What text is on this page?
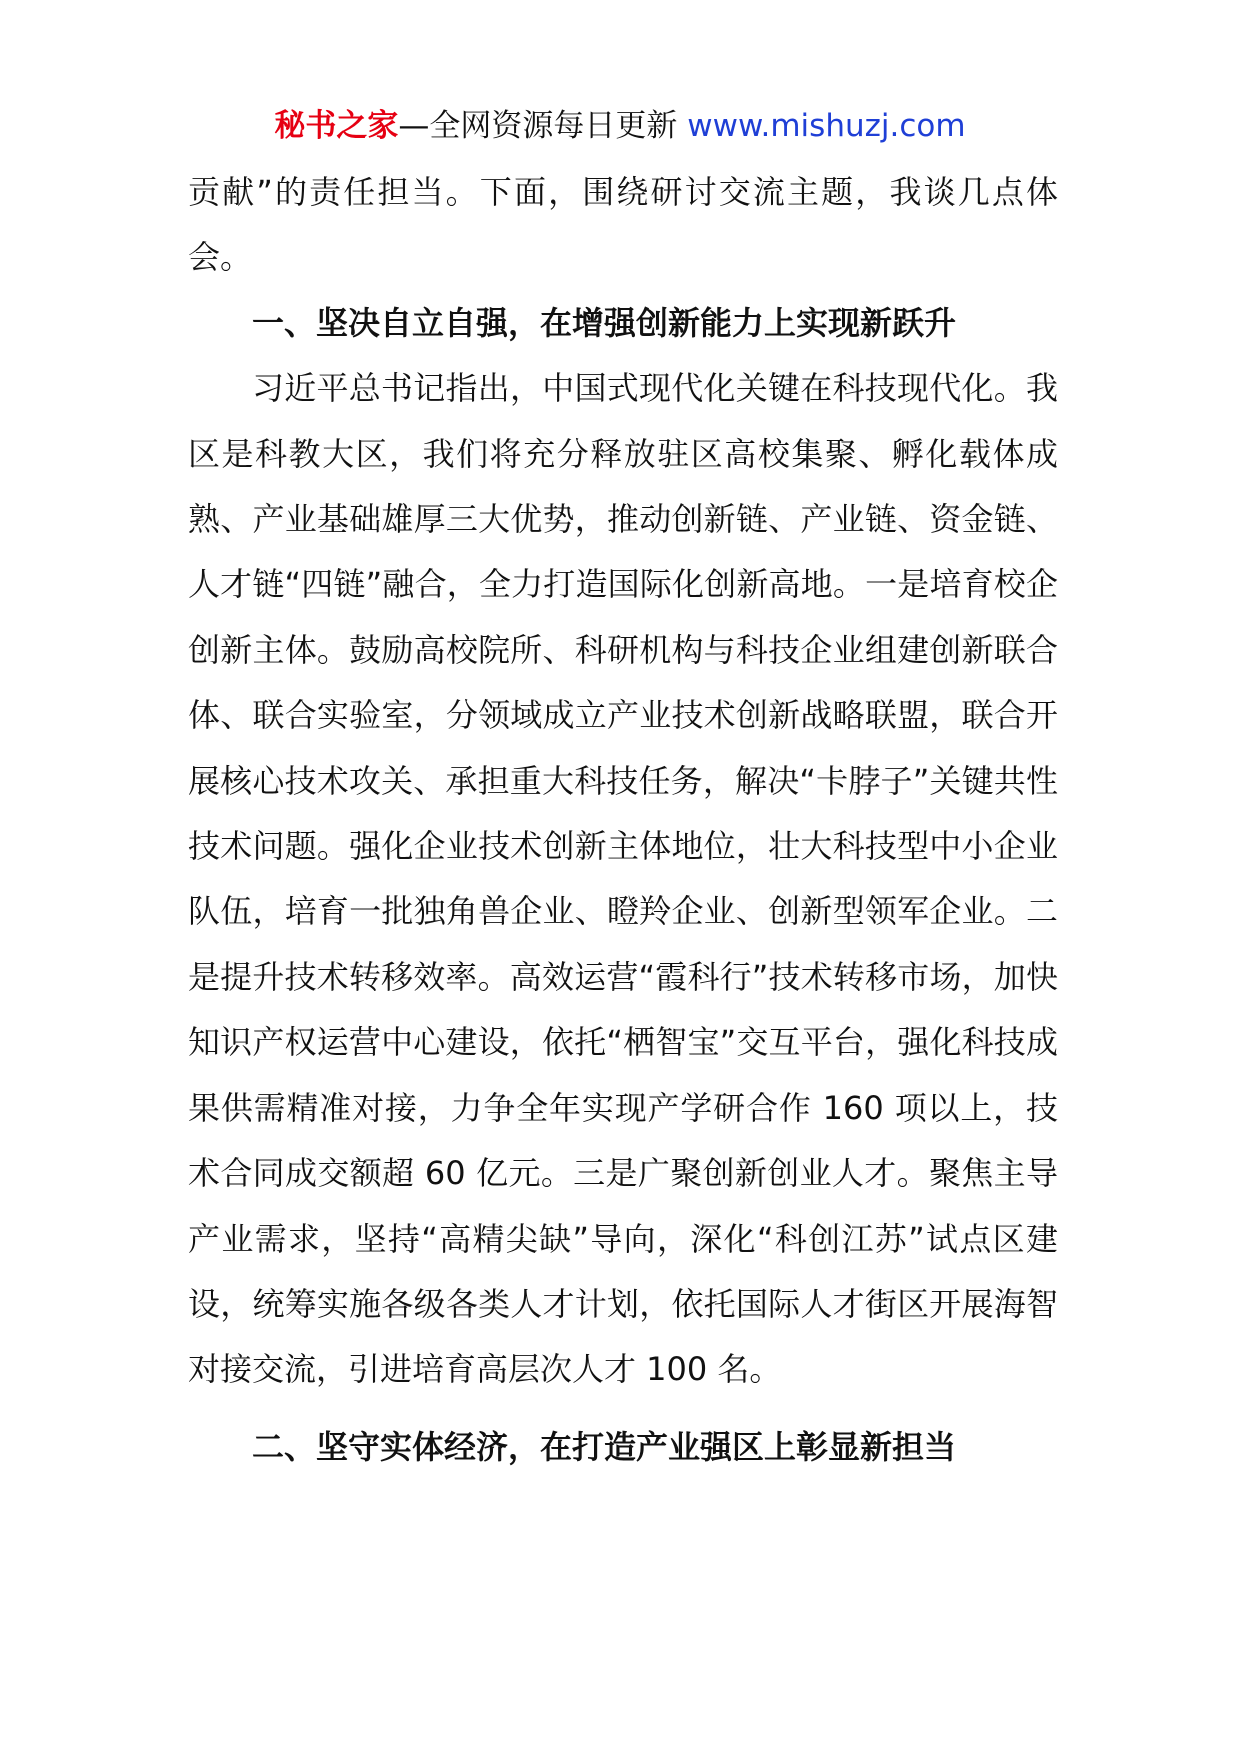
秘书之家—全网资源每日更新 www.mishuzj.com

贡献”的责任担当。下面，围绕研讨交流主题，我谈几点体会。

一、坚决自立自强，在增强创新能力上实现新跃升

习近平总书记指出，中国式现代化关键在科技现代化。我区是科教大区，我们将充分释放驻区高校集聚、孵化载体成熟、产业基础雄厚三大优势，推动创新链、产业链、资金链、人才链“四链”融合，全力打造国际化创新高地。一是培育校企创新主体。鼓励高校院所、科研机构与科技企业组建创新联合体、联合实验室，分领域成立产业技术创新战略联盟，联合开展核心技术攻关、承担重大科技任务，解决“卡脖子”关键共性技术问题。强化企业技术创新主体地位，壮大科技型中小企业队伍，培育一批独角兽企业、瞪羚企业、创新型领军企业。二是提升技术转移效率。高效运营“霞科行”技术转移市场，加快知识产权运营中心建设，依托“栖智宝”交互平台，强化科技成果供需精准对接，力争全年实现产学研合作 160 项以上，技术合同成交额超 60 亿元。三是广聚创新创业人才。聚焦主导产业需求，坚持“高精尖缺”导向，深化“科创江苏”试点区建设，统筹实施各级各类人才计划，依托国际人才街区开展海智对接交流，引进培育高层次人才 100 名。

二、坚守实体经济，在打造产业强区上彰显新担当
